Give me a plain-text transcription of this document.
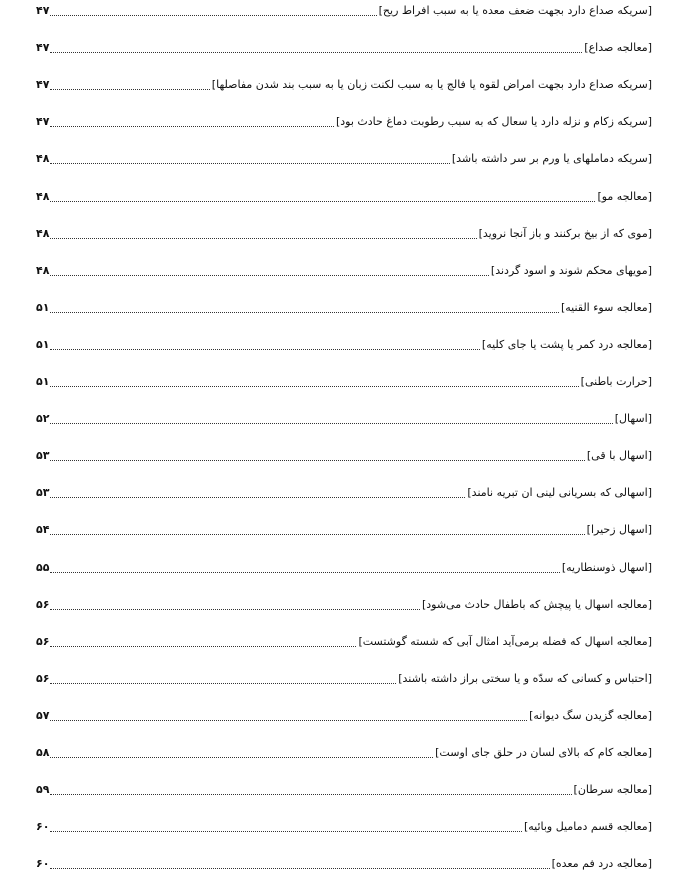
۴۷	[سریکه صداع دارد بجهت ضعف معده یا به سبب افراط ریح]
۴۷	[معالجه صداع]
۴۷	[سریکه صداع دارد بجهت امراض لقوه یا فالج یا به سبب لکنت زبان یا به سبب بند شدن مفاصلها]
۴۷	[سریکه زکام و نزله دارد یا سعال که به سبب رطوبت دماغ حادث بود]
۴۸	[سریکه دماملهای یا ورم بر سر داشته باشد]
۴۸	[معالجه مو]
۴۸	[موی که از بیخ برکنند و باز آنجا نروید]
۴۸	[مویهای محکم شوند و اسود گردند]
۵۱	[معالجه سوء القنیه]
۵۱	[معالجه درد کمر یا پشت یا جای کلیه]
۵۱	[حرارت باطنی]
۵۲	[اسهال]
۵۳	[اسهال با قی]
۵۳	[اسهالی که بسریانی لینی ان تبریه نامند]
۵۴	[اسهال زحیرا]
۵۵	[اسهال ذوسنطاریه]
۵۶	[معالجه اسهال یا پیچش که باطفال حادث می‌شود]
۵۶	[معالجه اسهال که فضله برمی‌آید امثال آبی که شسته گوشتست]
۵۶	[احتباس و کسانی که سدّه و یا سختی براز داشته باشند]
۵۷	[معالجه گزیدن سگ دیوانه]
۵۸	[معالجه کام که بالای لسان در حلق جای اوست]
۵۹	[معالجه سرطان]
۶۰	[معالجه قسم دمامیل وبائیه]
۶۰	[معالجه درد فم معده]
